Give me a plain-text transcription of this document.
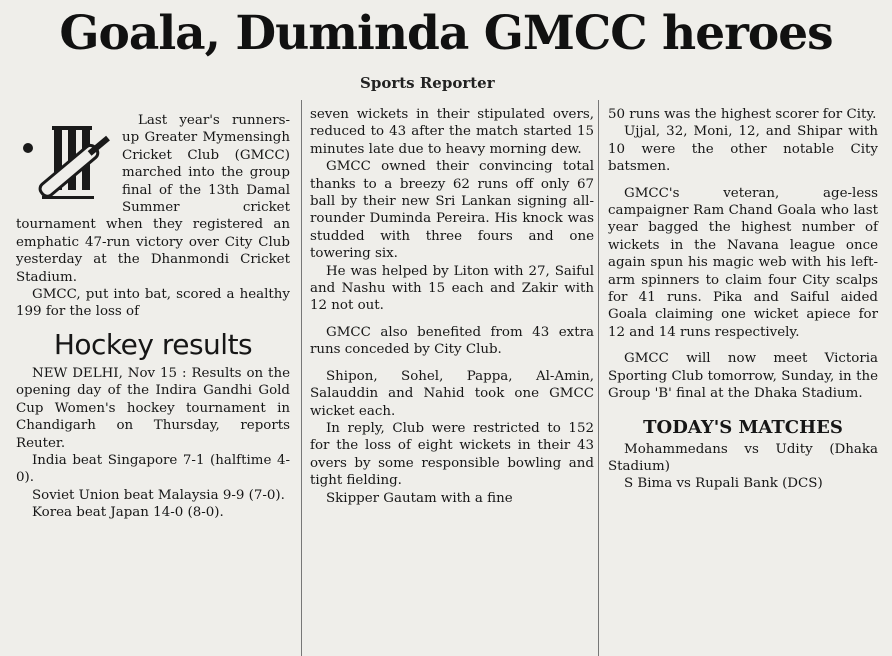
Goala, Duminda GMCC heroes
Sports Reporter

Last year's runners-up Greater Mymensingh Cricket Club (GMCC) marched into the group final of the 13th Damal Summer cricket tournament when they registered an emphatic 47-run victory over City Club yesterday at the Dhanmondi Cricket Stadium.

GMCC, put into bat, scored a healthy 199 for the loss of

Hockey results

NEW DELHI, Nov 15 : Results on the opening day of the Indira Gandhi Gold Cup Women's hockey tournament in Chandigarh on Thursday, reports Reuter.

India beat Singapore 7-1 (halftime 4-0).

Soviet Union beat Malaysia 9-9 (7-0).

Korea beat Japan 14-0 (8-0).

seven wickets in their stipulated overs, reduced to 43 after the match started 15 minutes late due to heavy morning dew.

GMCC owned their convincing total thanks to a breezy 62 runs off only 67 ball by their new Sri Lankan signing all-rounder Duminda Pereira. His knock was studded with three fours and one towering six.

He was helped by Liton with 27, Saiful and Nashu with 15 each and Zakir with 12 not out.

GMCC also benefited from 43 extra runs conceded by City Club.

Shipon, Sohel, Pappa, Al-Amin, Salauddin and Nahid took one GMCC wicket each.

In reply, Club were restricted to 152 for the loss of eight wickets in their 43 overs by some responsible bowling and tight fielding.

Skipper Gautam with a fine

50 runs was the highest scorer for City.

Ujjal, 32, Moni, 12, and Shipar with 10 were the other notable City batsmen.

GMCC's veteran, age-less campaigner Ram Chand Goala who last year bagged the highest number of wickets in the Navana league once again spun his magic web with his left-arm spinners to claim four City scalps for 41 runs. Pika and Saiful aided Goala claiming one wicket apiece for 12 and 14 runs respectively.

GMCC will now meet Victoria Sporting Club tomorrow, Sunday, in the Group 'B' final at the Dhaka Stadium.

TODAY'S MATCHES

Mohammedans vs Udity (Dhaka Stadium)

S Bima vs Rupali Bank (DCS)
